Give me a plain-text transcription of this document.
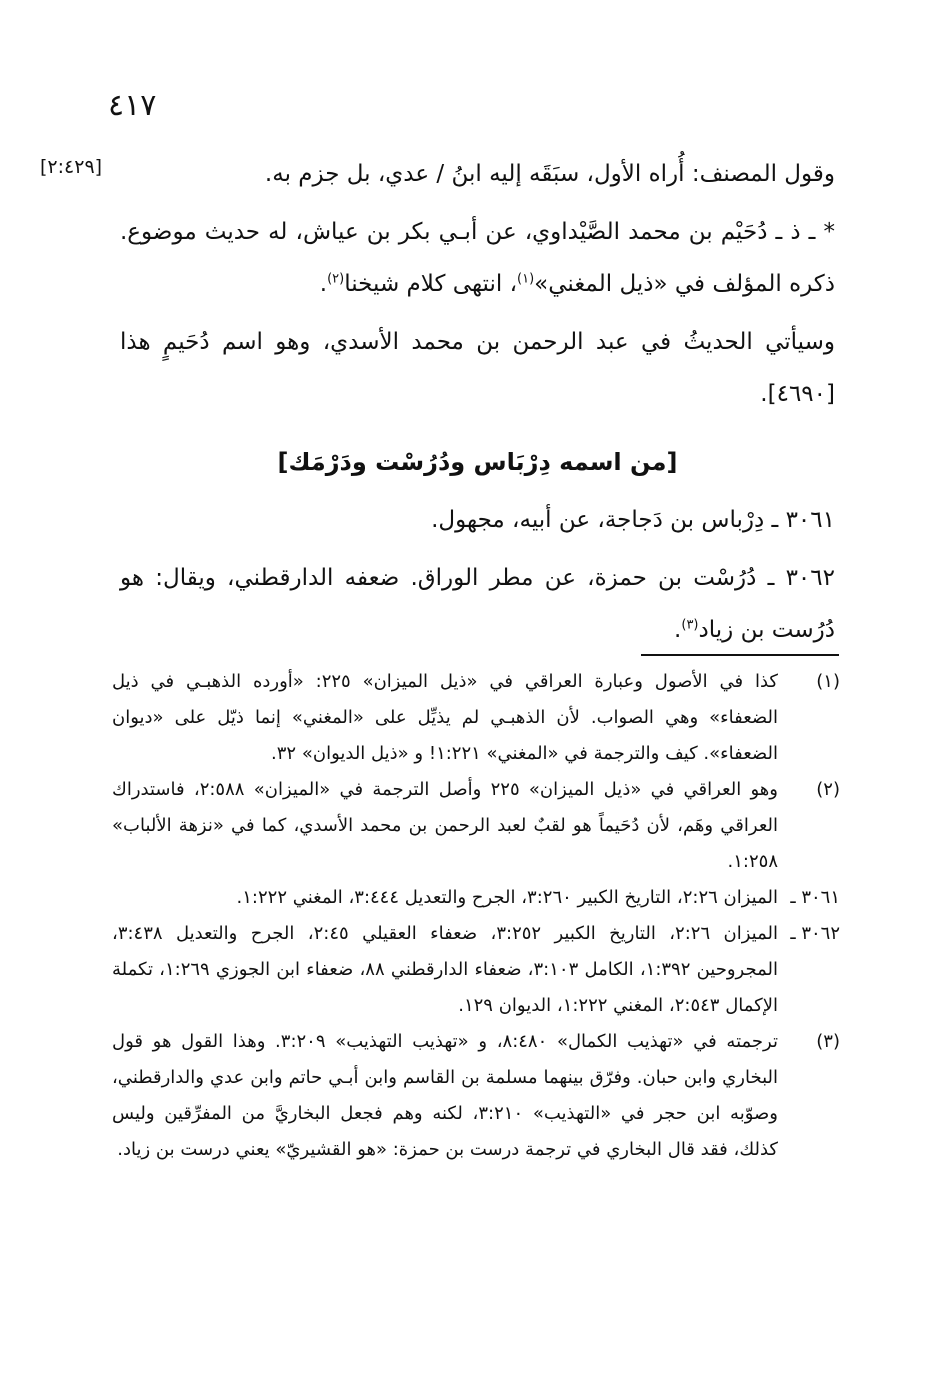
٤١٧
[٢:٤٢٩]	وقول المصنف: أُراه الأول، سبَقَه إليه ابنُ / عدي، بل جزم به.

* ـ ذ ـ دُحَيْم بن محمد الصَّيْداوي، عن أبـي بكر بن عياش، له حديث موضوع. ذكره المؤلف في «ذيل المغني»$^{(١)}$، انتهى كلام شيخنا$^{(٢)}$.

وسيأتي الحديثُ في عبد الرحمن بن محمد الأسدي، وهو اسم دُحَيمٍ هذا [٤٦٩٠].

[من اسمه دِرْبَاس ودُرُسْت ودَرْمَك]

٣٠٦١ ـ دِرْباس بن دَجاجة، عن أبيه، مجهول.

٣٠٦٢ ـ دُرُسْت بن حمزة، عن مطر الوراق. ضعفه الدارقطني، ويقال: هو دُرُست بن زياد$^{(٣)}$.

(١)

كذا في الأصول وعبارة العراقي في «ذيل الميزان» ٢٢٥: «أورده الذهبـي في ذيل الضعفاء» وهي الصواب. لأن الذهبـي لم يذيِّل على «المغني» إنما ذيّل على «ديوان الضعفاء». كيف والترجمة في «المغني» ١:٢٢١! و «ذيل الديوان» ٣٢.

(٢)

وهو العراقي في «ذيل الميزان» ٢٢٥ وأصل الترجمة في «الميزان» ٢:٥٨٨، فاستدراك العراقي وهَم، لأن دُحَيماً هو لقبٌ لعبد الرحمن بن محمد الأسدي، كما في «نزهة الألباب» ١:٢٥٨.

٣٠٦١ ـ

الميزان ٢:٢٦، التاريخ الكبير ٣:٢٦٠، الجرح والتعديل ٣:٤٤٤، المغني ١:٢٢٢.

٣٠٦٢ ـ

الميزان ٢:٢٦، التاريخ الكبير ٣:٢٥٢، ضعفاء العقيلي ٢:٤٥، الجرح والتعديل ٣:٤٣٨، المجروحين ١:٣٩٢، الكامل ٣:١٠٣، ضعفاء الدارقطني ٨٨، ضعفاء ابن الجوزي ١:٢٦٩، تكملة الإكمال ٢:٥٤٣، المغني ١:٢٢٢، الديوان ١٢٩.

(٣)

ترجمته في «تهذيب الكمال» ٨:٤٨٠، و «تهذيب التهذيب» ٣:٢٠٩. وهذا القول هو قول البخاري وابن حبان. وفرّق بينهما مسلمة بن القاسم وابن أبـي حاتم وابن عدي والدارقطني، وصوّبه ابن حجر في «التهذيب» ٣:٢١٠، لكنه وهم فجعل البخاريَّ من المفرِّقين وليس كذلك، فقد قال البخاري في ترجمة درست بن حمزة: «هو القشيريّ» يعني درست بن زياد.
